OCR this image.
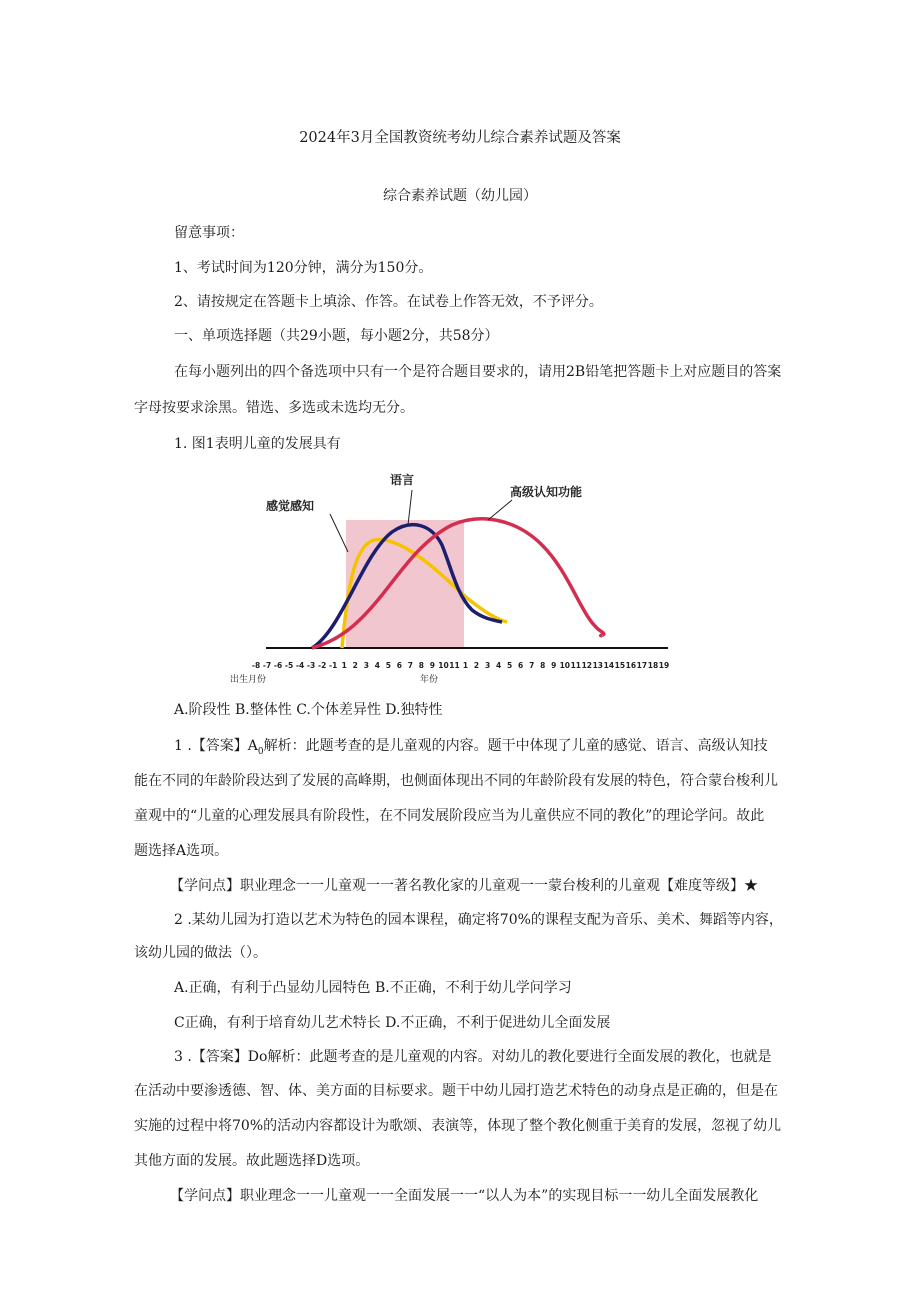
2024年3月全国教资统考幼儿综合素养试题及答案
综合素养试题（幼儿园）
留意事项：
1、考试时间为120分钟，满分为150分。
2、请按规定在答题卡上填涂、作答。在试卷上作答无效，不予评分。
一、单项选择题（共29小题，每小题2分，共58分）
在每小题列出的四个备选项中只有一个是符合题目要求的，请用2B铅笔把答题卡上对应题目的答案
字母按要求涂黑。错选、多选或未选均无分。
1. 图1表明儿童的发展具有
感觉感知
语言
高级认知功能
-8 -7 -6 -5 -4 -3 -2 -1 1 2 3 4 5 6 7 8 9 10 11 1 2 3 4 5 6 7 8 9 10 11 12 13 14 15 16 17 18 19
出生月份	年份
A.阶段性 B.整体性 C.个体差异性 D.独特性
1 .【答案】$A_0$解析：此题考查的是儿童观的内容。题干中体现了儿童的感觉、语言、高级认知技
能在不同的年龄阶段达到了发展的高峰期，也侧面体现出不同的年龄阶段有发展的特色，符合蒙台梭利儿
童观中的“儿童的心理发展具有阶段性，在不同发展阶段应当为儿童供应不同的教化”的理论学问。故此
题选择A选项。
【学问点】职业理念一一儿童观一一著名教化家的儿童观一一蒙台梭利的儿童观【难度等级】★
2 .某幼儿园为打造以艺术为特色的园本课程，确定将70%的课程支配为音乐、美术、舞蹈等内容，
该幼儿园的做法（）。
A.正确，有利于凸显幼儿园特色 B.不正确，不利于幼儿学问学习
C正确，有利于培育幼儿艺术特长 D.不正确，不利于促进幼儿全面发展
3 .【答案】Do解析：此题考查的是儿童观的内容。对幼儿的教化要进行全面发展的教化，也就是
在活动中要渗透德、智、体、美方面的目标要求。题干中幼儿园打造艺术特色的动身点是正确的，但是在
实施的过程中将70%的活动内容都设计为歌颂、表演等，体现了整个教化侧重于美育的发展，忽视了幼儿
其他方面的发展。故此题选择D选项。
【学问点】职业理念一一儿童观一一全面发展一一“以人为本”的实现目标一一幼儿全面发展教化
